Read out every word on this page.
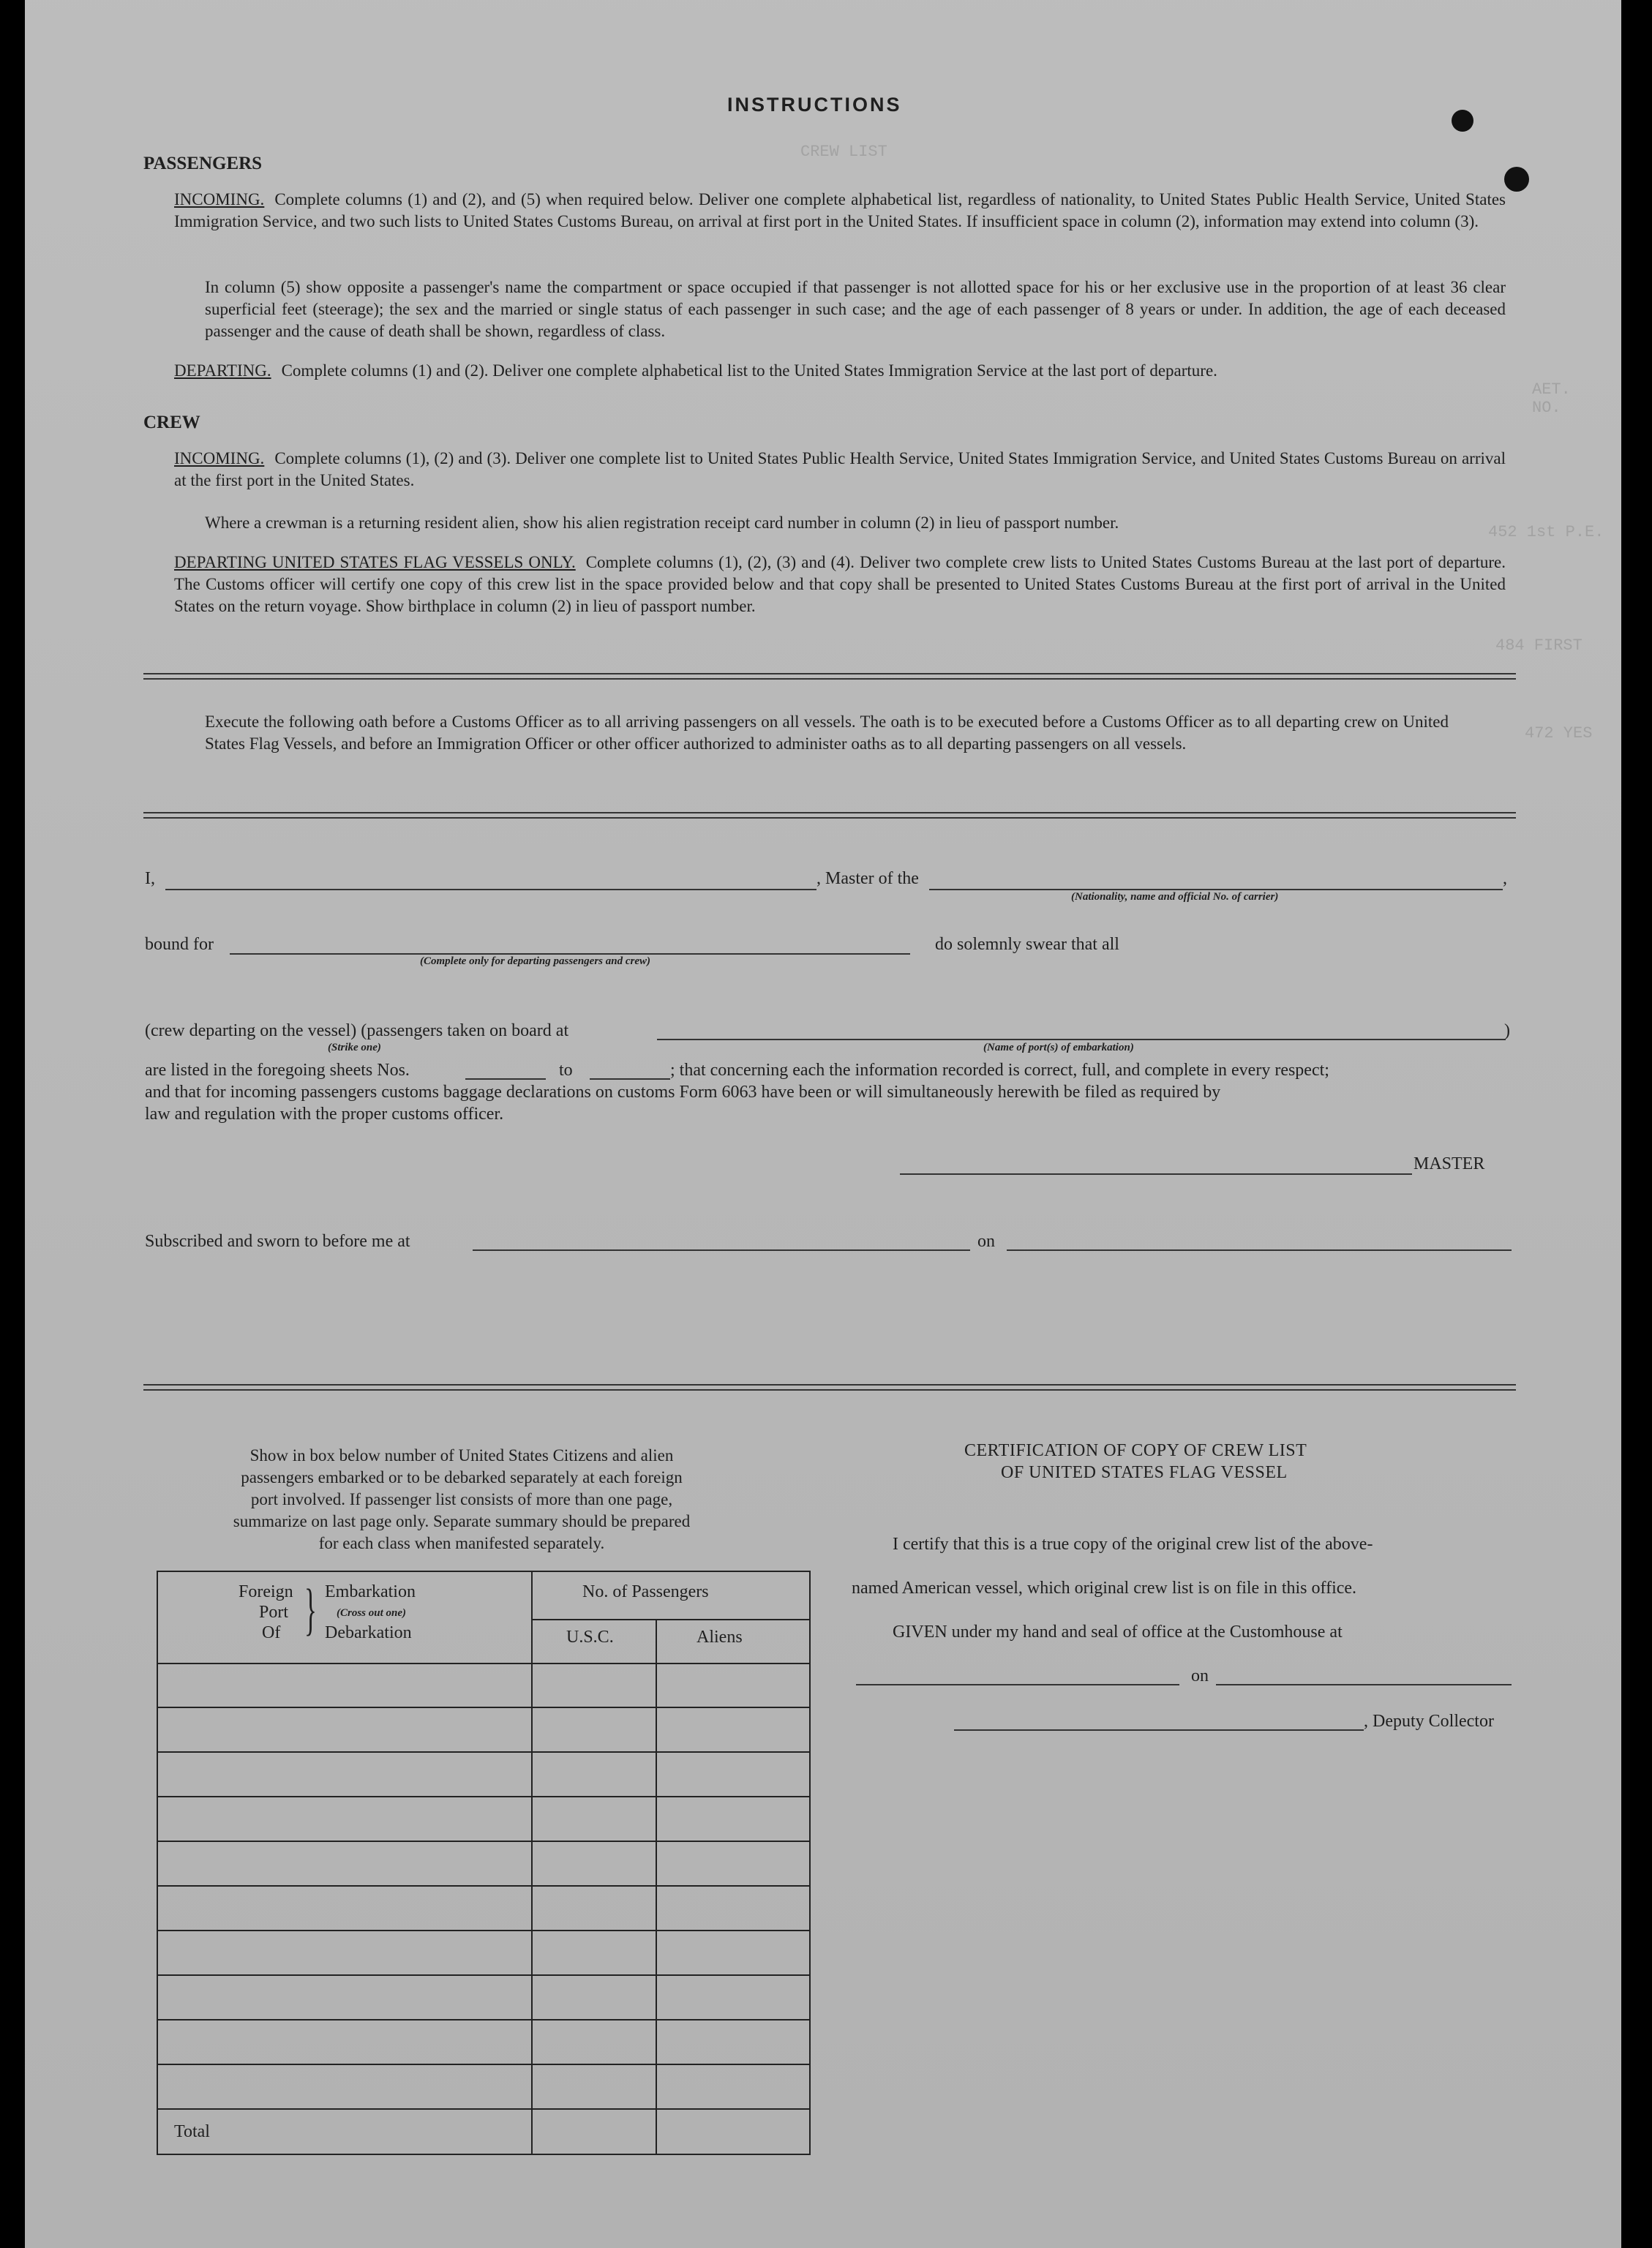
CREW LIST
AET.
NO.
452 1st P.E.
484 FIRST
472 YES
INSTRUCTIONS
PASSENGERS
INCOMING. Complete columns (1) and (2), and (5) when required below. Deliver one complete alphabetical list, regardless of nationality, to United States Public Health Service, United States Immigration Service, and two such lists to United States Customs Bureau, on arrival at first port in the United States. If insufficient space in column (2), information may extend into column (3).
In column (5) show opposite a passenger's name the compartment or space occupied if that passenger is not allotted space for his or her exclusive use in the proportion of at least 36 clear superficial feet (steerage); the sex and the married or single status of each passenger in such case; and the age of each passenger of 8 years or under. In addition, the age of each deceased passenger and the cause of death shall be shown, regardless of class.
DEPARTING. Complete columns (1) and (2). Deliver one complete alphabetical list to the United States Immigration Service at the last port of departure.
CREW
INCOMING. Complete columns (1), (2) and (3). Deliver one complete list to United States Public Health Service, United States Immigration Service, and United States Customs Bureau on arrival at the first port in the United States.
Where a crewman is a returning resident alien, show his alien registration receipt card number in column (2) in lieu of passport number.
DEPARTING UNITED STATES FLAG VESSELS ONLY. Complete columns (1), (2), (3) and (4). Deliver two complete crew lists to United States Customs Bureau at the last port of departure. The Customs officer will certify one copy of this crew list in the space provided below and that copy shall be presented to United States Customs Bureau at the first port of arrival in the United States on the return voyage. Show birthplace in column (2) in lieu of passport number.
Execute the following oath before a Customs Officer as to all arriving passengers on all vessels. The oath is to be executed before a Customs Officer as to all departing crew on United States Flag Vessels, and before an Immigration Officer or other officer authorized to administer oaths as to all departing passengers on all vessels.
I,	, Master of the	,
(Nationality, name and official No. of carrier)
bound for
(Complete only for departing passengers and crew)
do solemnly swear that all
(crew departing on the vessel) (passengers taken on board at	)
(Strike one)	(Name of port(s) of embarkation)
are listed in the foregoing sheets Nos.	to	; that concerning each the information recorded is correct, full, and complete in every respect;
and that for incoming passengers customs baggage declarations on customs Form 6063 have been or will simultaneously herewith be filed as required by
law and regulation with the proper customs officer.
MASTER
Subscribed and sworn to before me at	on
Show in box below number of United States Citizens and alien
passengers embarked or to be debarked separately at each foreign
port involved. If passenger list consists of more than one page,
summarize on last page only. Separate summary should be prepared
for each class when manifested separately.
Foreign
Port
Of } Embarkation
(Cross out one)
Debarkation
No. of Passengers
U.S.C.	Aliens
Total
CERTIFICATION OF COPY OF CREW LIST
OF UNITED STATES FLAG VESSEL
I certify that this is a true copy of the original crew list of the above-
named American vessel, which original crew list is on file in this office.
GIVEN under my hand and seal of office at the Customhouse at
on
, Deputy Collector
